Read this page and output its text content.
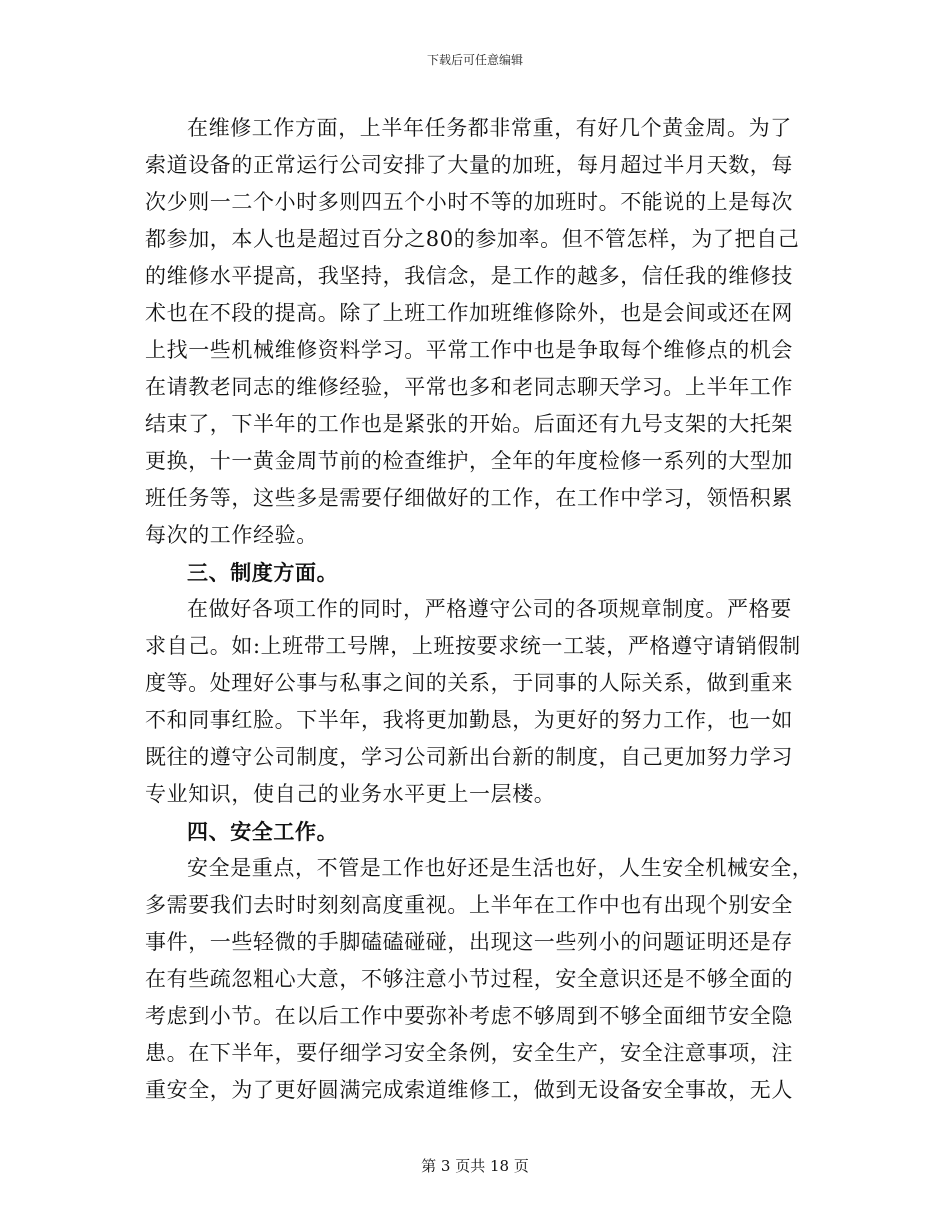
下载后可任意编辑
在维修工作方面，上半年任务都非常重，有好几个黄金周。为了
索道设备的正常运行公司安排了大量的加班，每月超过半月天数，每
次少则一二个小时多则四五个小时不等的加班时。不能说的上是每次
都参加，本人也是超过百分之80的参加率。但不管怎样，为了把自己
的维修水平提高，我坚持，我信念，是工作的越多，信任我的维修技
术也在不段的提高。除了上班工作加班维修除外，也是会间或还在网
上找一些机械维修资料学习。平常工作中也是争取每个维修点的机会
在请教老同志的维修经验，平常也多和老同志聊天学习。上半年工作
结束了，下半年的工作也是紧张的开始。后面还有九号支架的大托架
更换，十一黄金周节前的检查维护，全年的年度检修一系列的大型加
班任务等，这些多是需要仔细做好的工作，在工作中学习，领悟积累
每次的工作经验。
三、制度方面。
在做好各项工作的同时，严格遵守公司的各项规章制度。严格要
求自己。如:上班带工号牌，上班按要求统一工装，严格遵守请销假制
度等。处理好公事与私事之间的关系，于同事的人际关系，做到重来
不和同事红脸。下半年，我将更加勤恳，为更好的努力工作，也一如
既往的遵守公司制度，学习公司新出台新的制度，自己更加努力学习
专业知识，使自己的业务水平更上一层楼。
四、安全工作。
安全是重点，不管是工作也好还是生活也好，人生安全机械安全，
多需要我们去时时刻刻高度重视。上半年在工作中也有出现个别安全
事件，一些轻微的手脚磕磕碰碰，出现这一些列小的问题证明还是存
在有些疏忽粗心大意，不够注意小节过程，安全意识还是不够全面的
考虑到小节。在以后工作中要弥补考虑不够周到不够全面细节安全隐
患。在下半年，要仔细学习安全条例，安全生产，安全注意事项，注
重安全，为了更好圆满完成索道维修工，做到无设备安全事故，无人
第 3 页共 18 页
